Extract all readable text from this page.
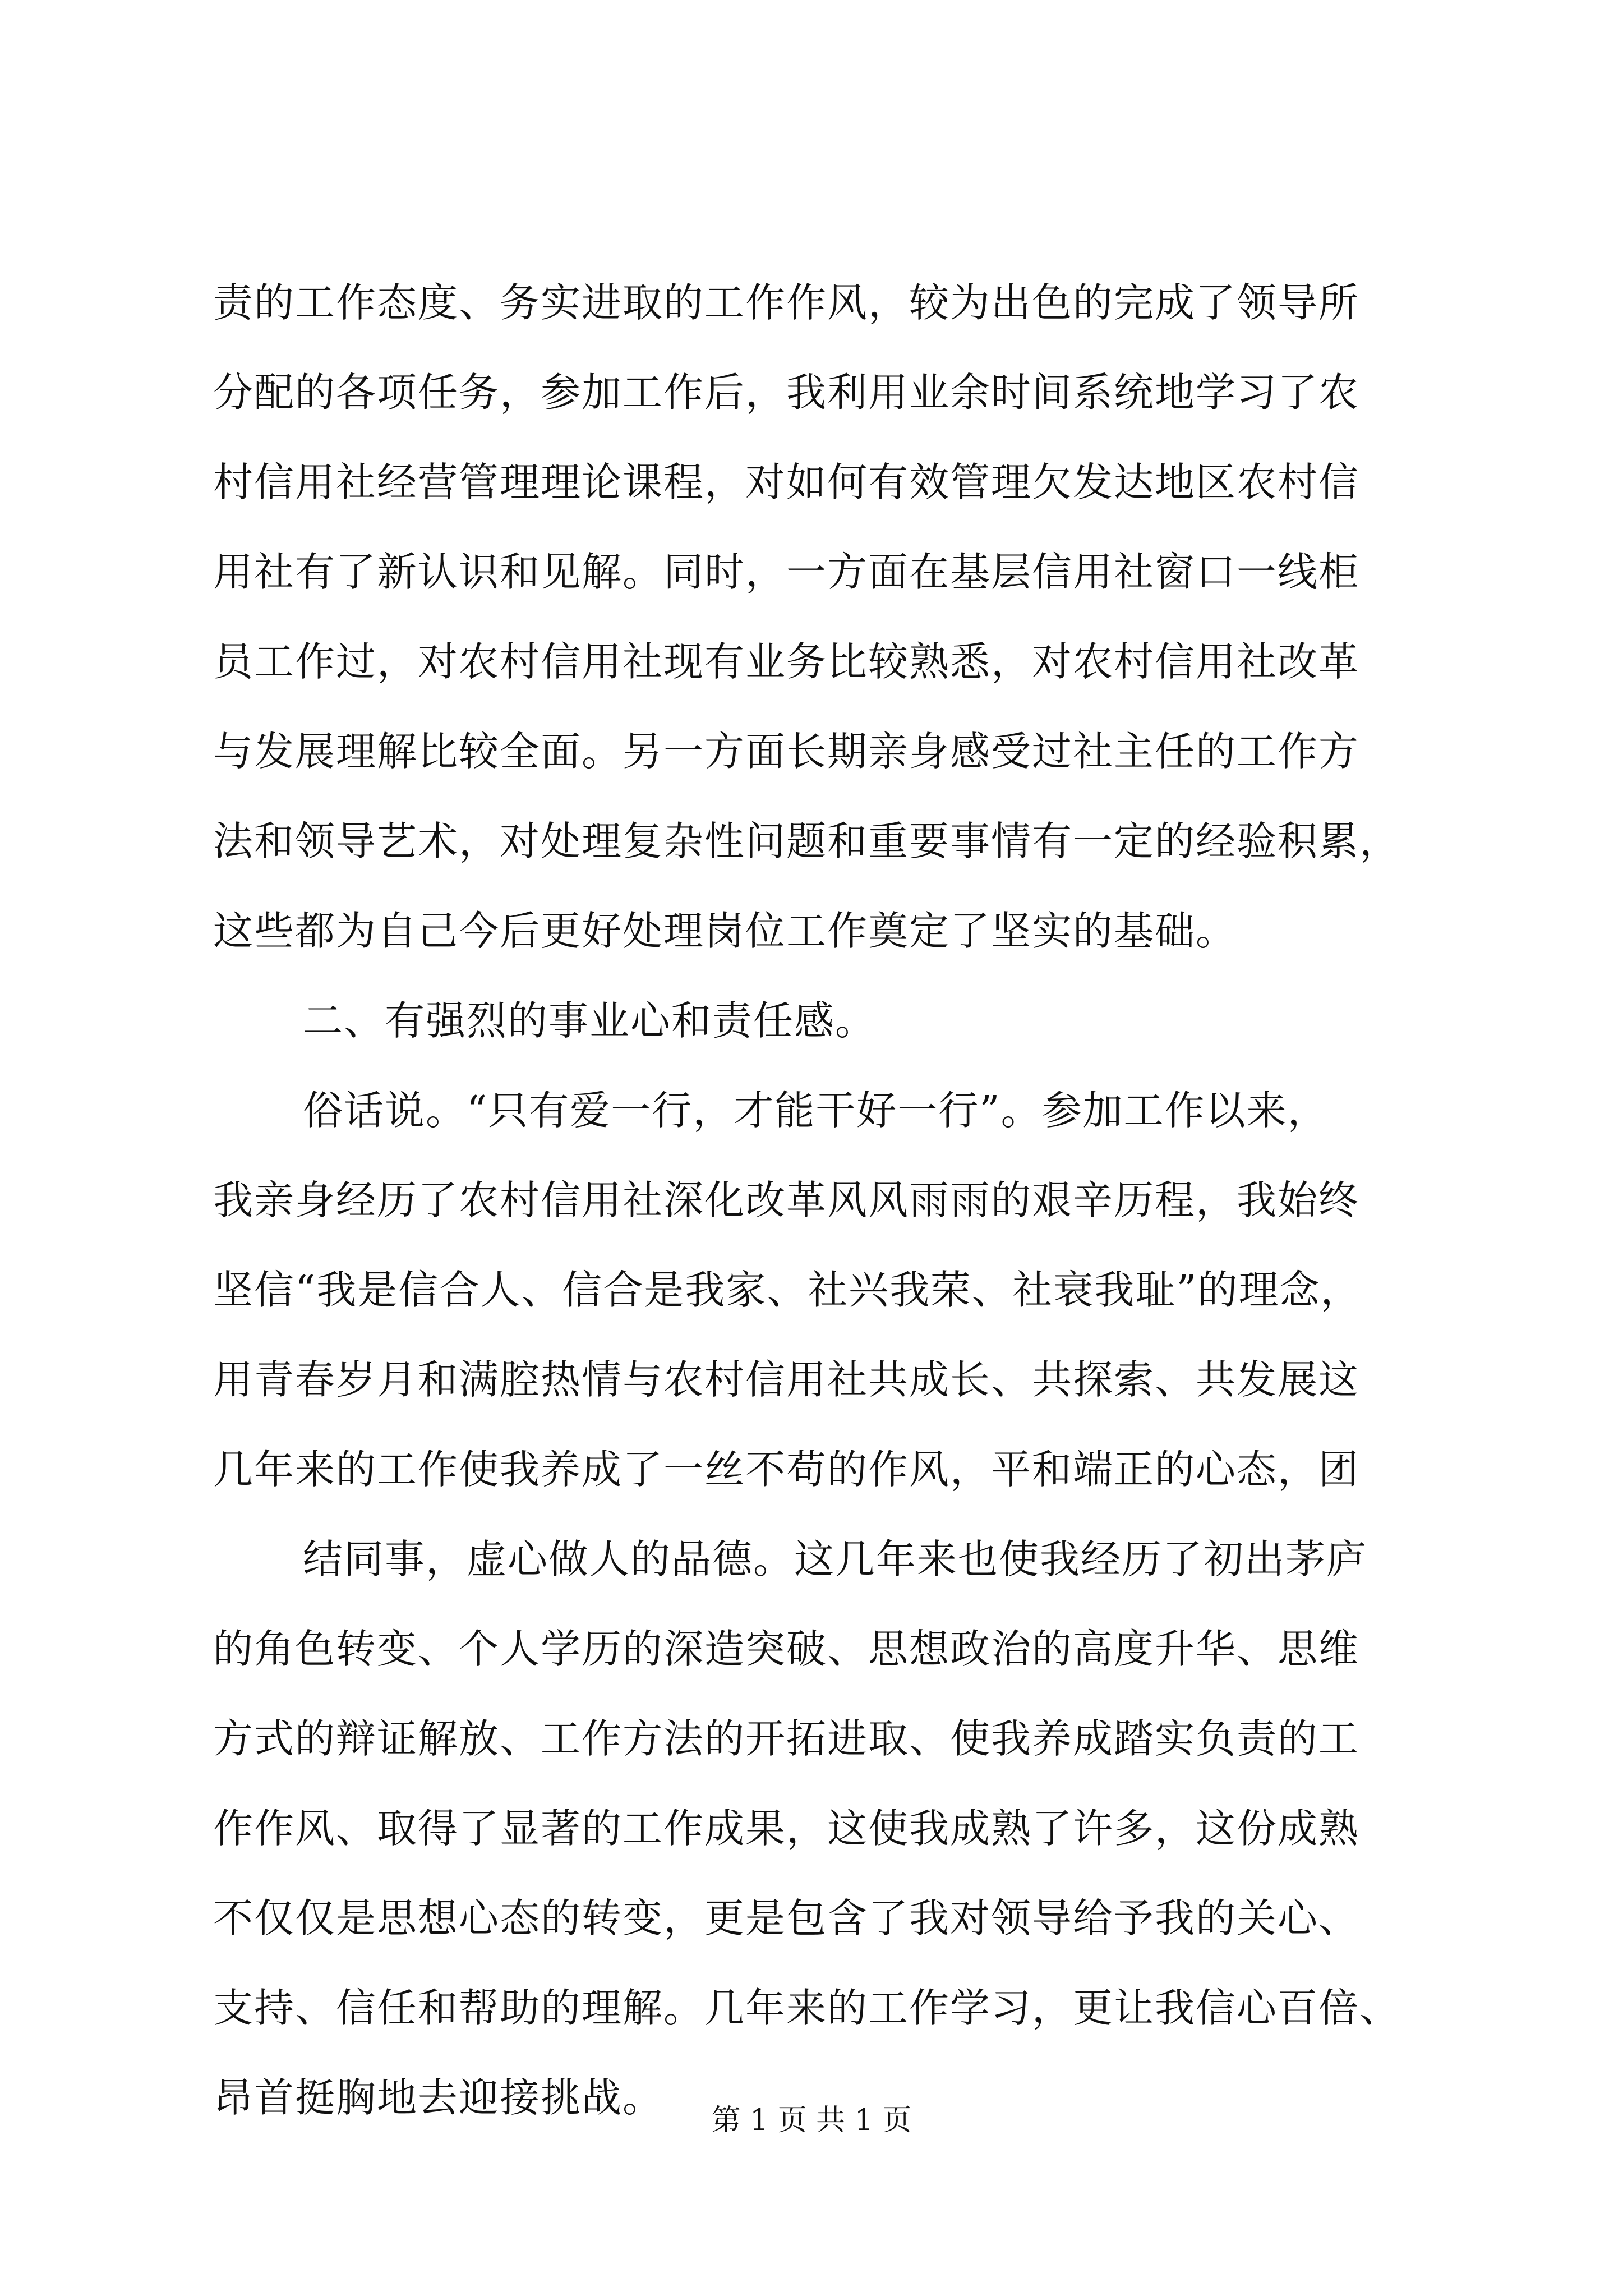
责的工作态度、务实进取的工作作风，较为出色的完成了领导所
分配的各项任务，参加工作后，我利用业余时间系统地学习了农
村信用社经营管理理论课程，对如何有效管理欠发达地区农村信
用社有了新认识和见解。同时，一方面在基层信用社窗口一线柜
员工作过，对农村信用社现有业务比较熟悉，对农村信用社改革
与发展理解比较全面。另一方面长期亲身感受过社主任的工作方
法和领导艺术，对处理复杂性问题和重要事情有一定的经验积累，
这些都为自己今后更好处理岗位工作奠定了坚实的基础。
二、有强烈的事业心和责任感。
俗话说。“只有爱一行，才能干好一行”。参加工作以来，
我亲身经历了农村信用社深化改革风风雨雨的艰辛历程，我始终
坚信“我是信合人、信合是我家、社兴我荣、社衰我耻”的理念，
用青春岁月和满腔热情与农村信用社共成长、共探索、共发展这
几年来的工作使我养成了一丝不苟的作风，平和端正的心态，团
结同事，虚心做人的品德。这几年来也使我经历了初出茅庐
的角色转变、个人学历的深造突破、思想政治的高度升华、思维
方式的辩证解放、工作方法的开拓进取、使我养成踏实负责的工
作作风、取得了显著的工作成果，这使我成熟了许多，这份成熟
不仅仅是思想心态的转变，更是包含了我对领导给予我的关心、
支持、信任和帮助的理解。几年来的工作学习，更让我信心百倍、
昂首挺胸地去迎接挑战。	第 1 页 共 1 页
